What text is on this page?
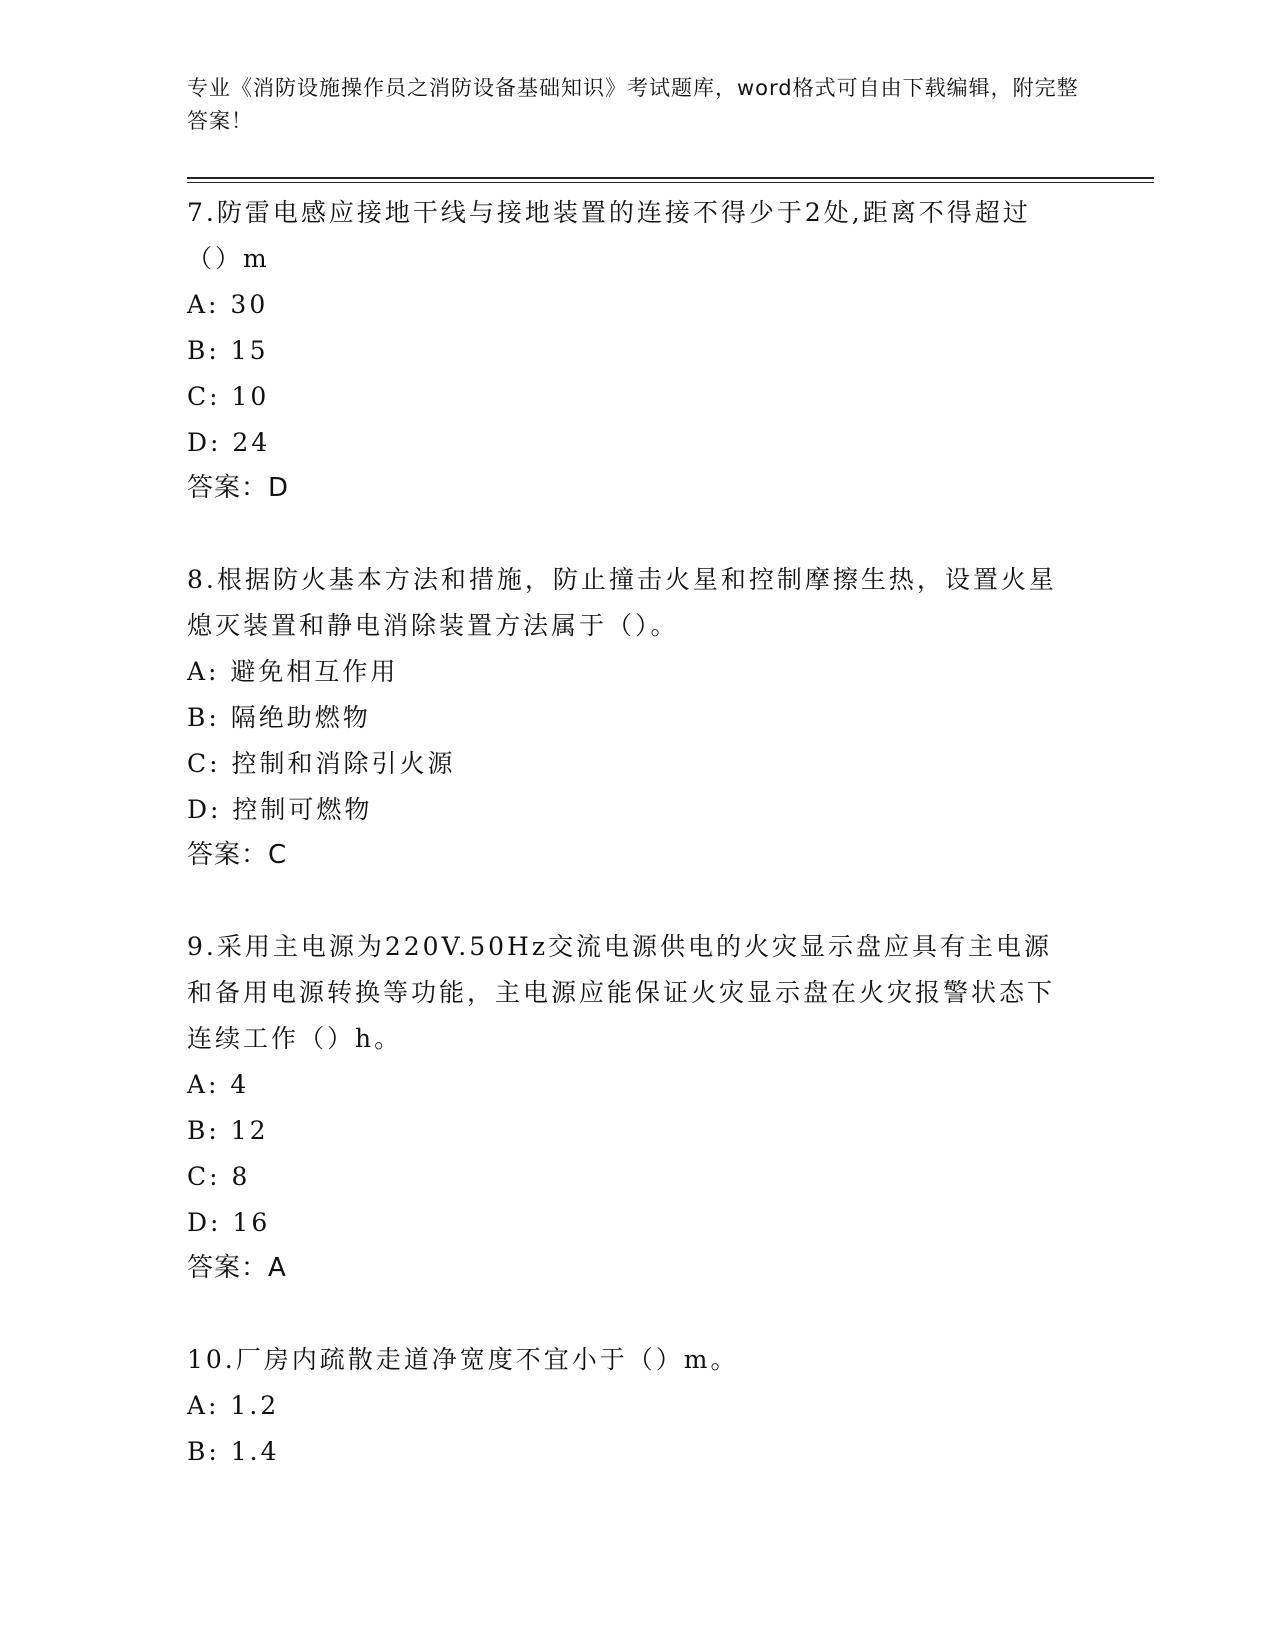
专业《消防设施操作员之消防设备基础知识》考试题库，word格式可自由下载编辑，附完整答案！
7.防雷电感应接地干线与接地装置的连接不得少于2处,距离不得超过（）m
A: 30
B: 15
C: 10
D: 24
答案：D
8.根据防火基本方法和措施，防止撞击火星和控制摩擦生热，设置火星熄灭装置和静电消除装置方法属于（）。
A: 避免相互作用
B: 隔绝助燃物
C: 控制和消除引火源
D: 控制可燃物
答案：C
9.采用主电源为220V.50Hz交流电源供电的火灾显示盘应具有主电源和备用电源转换等功能，主电源应能保证火灾显示盘在火灾报警状态下连续工作（）h。
A: 4
B: 12
C: 8
D: 16
答案：A
10.厂房内疏散走道净宽度不宜小于（）m。
A: 1.2
B: 1.4
